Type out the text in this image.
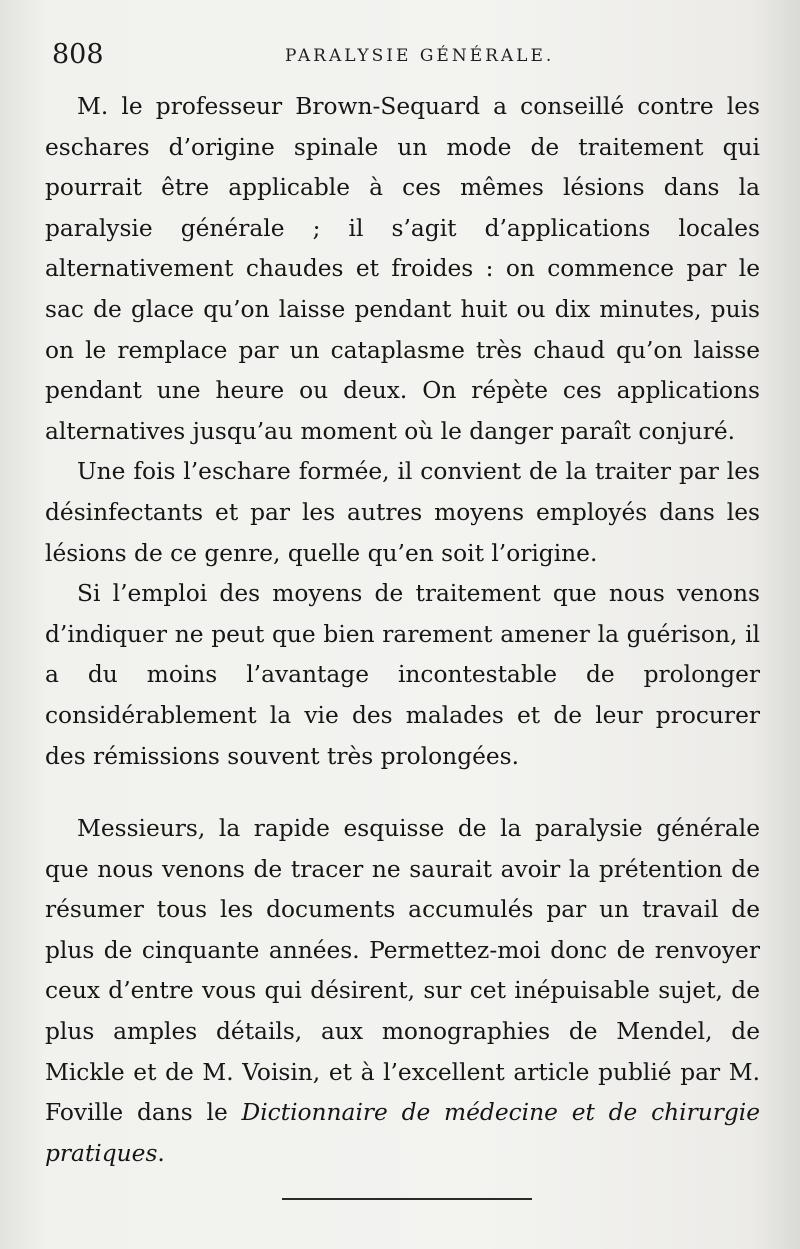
808	PARALYSIE GÉNÉRALE.

M. le professeur Brown-Sequard a conseillé contre les eschares d’origine spinale un mode de traitement qui pourrait être applicable à ces mêmes lésions dans la paralysie générale ; il s’agit d’applications locales alternativement chaudes et froides : on commence par le sac de glace qu’on laisse pendant huit ou dix minutes, puis on le remplace par un cataplasme très chaud qu’on laisse pendant une heure ou deux. On répète ces applications alternatives jusqu’au moment où le danger paraît conjuré.

Une fois l’eschare formée, il convient de la traiter par les désinfectants et par les autres moyens employés dans les lésions de ce genre, quelle qu’en soit l’origine.

Si l’emploi des moyens de traitement que nous venons d’indiquer ne peut que bien rarement amener la guérison, il a du moins l’avantage incontestable de prolonger considérablement la vie des malades et de leur procurer des rémissions souvent très prolongées.

Messieurs, la rapide esquisse de la paralysie générale que nous venons de tracer ne saurait avoir la prétention de résumer tous les documents accumulés par un travail de plus de cinquante années. Permettez-moi donc de renvoyer ceux d’entre vous qui désirent, sur cet inépuisable sujet, de plus amples détails, aux monographies de Mendel, de Mickle et de M. Voisin, et à l’excellent article publié par M. Foville dans le Dictionnaire de médecine et de chirurgie pratiques.
